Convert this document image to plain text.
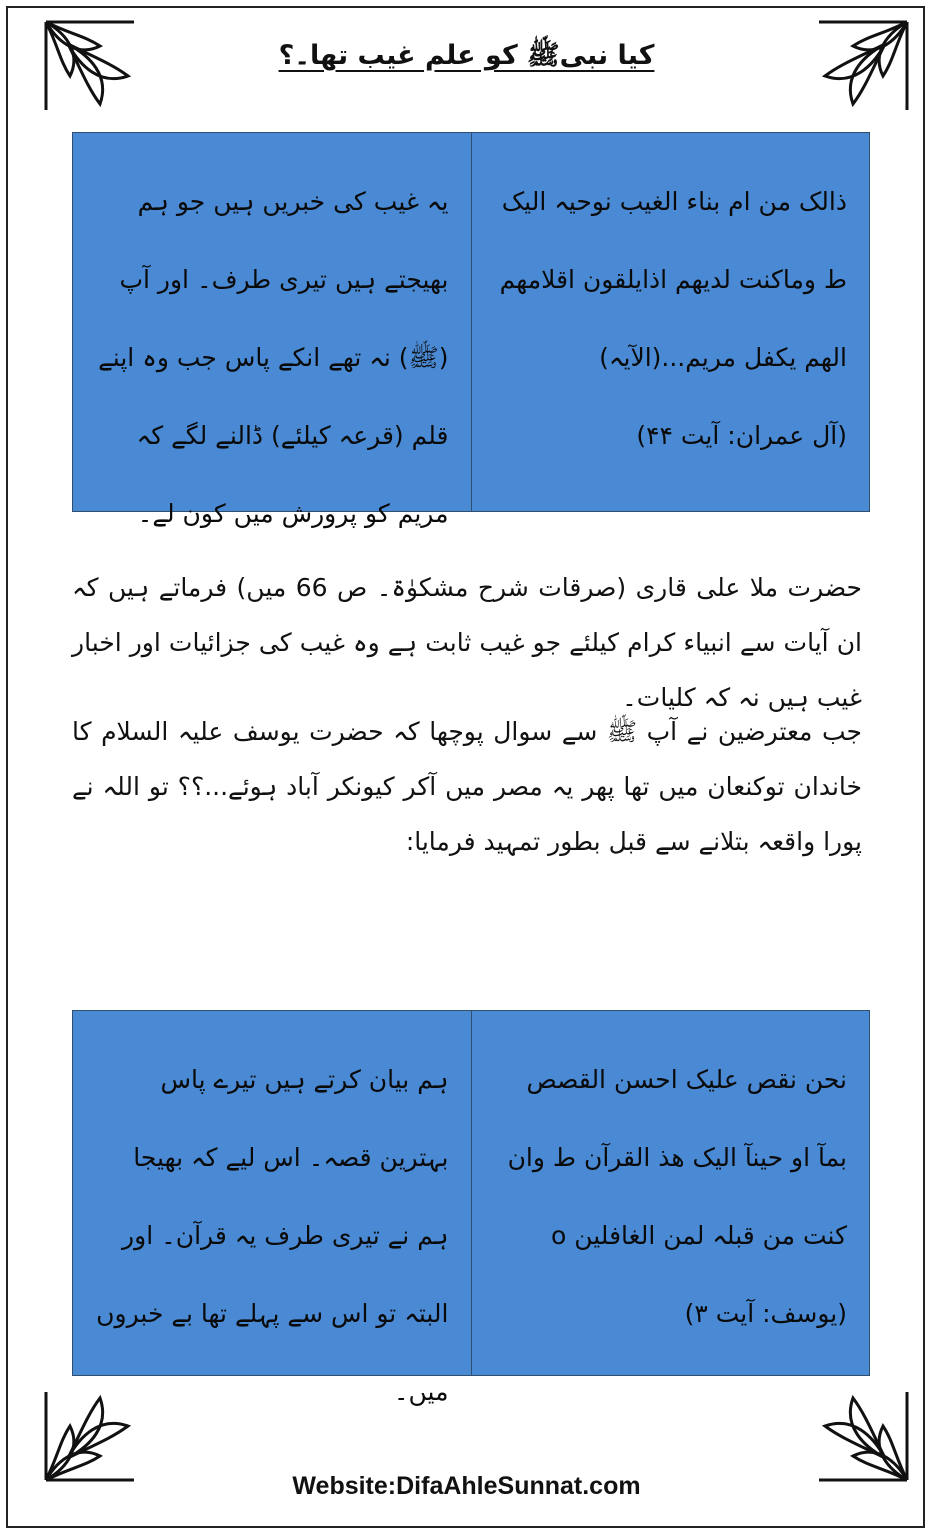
کیا نبیﷺ کو علم غیب تھا۔؟

ذالک من ام بناء الغیب نوحیہ الیک ط وماکنت لدیھم اذایلقون اقلامھم الھم یکفل مریم...(الآیہ)

(آل عمران: آیت ۴۴)

یہ غیب کی خبریں ہیں جو ہم بھیجتے ہیں تیری طرف۔ اور آپ (ﷺ) نہ تھے انکے پاس جب وہ اپنے قلم (قرعہ کیلئے) ڈالنے لگے کہ مریم کو پرورش میں کون لے۔

حضرت ملا علی قاری (صرقات شرح مشکوٰۃ۔ ص 66 میں) فرماتے ہیں کہ ان آیات سے انبیاء کرام کیلئے جو غیب ثابت ہے وہ غیب کی جزائیات اور اخبار غیب ہیں نہ کہ کلیات۔

جب معترضین نے آپ ﷺ سے سوال پوچھا کہ حضرت یوسف علیہ السلام کا خاندان توکنعان میں تھا پھر یہ مصر میں آکر کیونکر آباد ہوئے...؟؟ تو اللہ نے پورا واقعہ بتلانے سے قبل بطور تمہید فرمایا:

نحن نقص علیک احسن القصص بمآ او حینآ الیک ھذ القرآن ط وان کنت من قبلہ لمن الغافلین o

(یوسف: آیت ۳)

ہم بیان کرتے ہیں تیرے پاس بہترین قصہ۔ اس لیے کہ بھیجا ہم نے تیری طرف یہ قرآن۔ اور البتہ تو اس سے پہلے تھا بے خبروں میں۔

Website:DifaAhleSunnat.com
